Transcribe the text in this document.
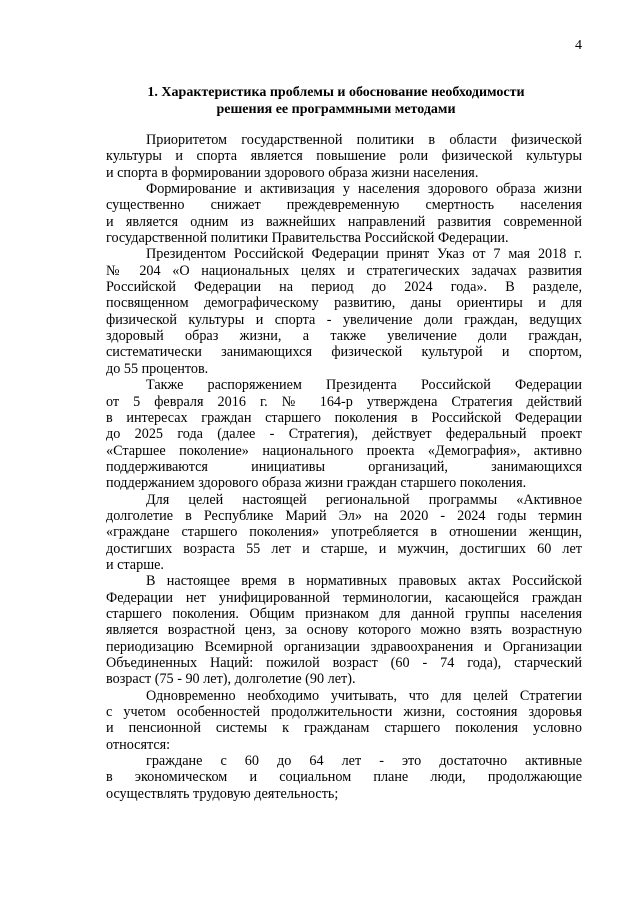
4
1. Характеристика проблемы и обоснование необходимости
решения ее программными методами

Приоритетом государственной политики в области физической
культуры и спорта является повышение роли физической культуры
и спорта в формировании здорового образа жизни населения.

Формирование и активизация у населения здорового образа жизни
существенно снижает преждевременную смертность населения
и является одним из важнейших направлений развития современной
государственной политики Правительства Российской Федерации.

Президентом Российской Федерации принят Указ от 7 мая 2018 г.
№ 204 «О национальных целях и стратегических задачах развития
Российской Федерации на период до 2024 года». В разделе,
посвященном демографическому развитию, даны ориентиры и для
физической культуры и спорта - увеличение доли граждан, ведущих
здоровый образ жизни, а также увеличение доли граждан,
систематически занимающихся физической культурой и спортом,
до 55 процентов.

Также распоряжением Президента Российской Федерации
от 5 февраля 2016 г. № 164-р утверждена Стратегия действий
в интересах граждан старшего поколения в Российской Федерации
до 2025 года (далее - Стратегия), действует федеральный проект
«Старшее поколение» национального проекта «Демография», активно
поддерживаются инициативы организаций, занимающихся
поддержанием здорового образа жизни граждан старшего поколения.

Для целей настоящей региональной программы «Активное
долголетие в Республике Марий Эл» на 2020 - 2024 годы термин
«граждане старшего поколения» употребляется в отношении женщин,
достигших возраста 55 лет и старше, и мужчин, достигших 60 лет
и старше.

В настоящее время в нормативных правовых актах Российской
Федерации нет унифицированной терминологии, касающейся граждан
старшего поколения. Общим признаком для данной группы населения
является возрастной ценз, за основу которого можно взять возрастную
периодизацию Всемирной организации здравоохранения и Организации
Объединенных Наций: пожилой возраст (60 - 74 года), старческий
возраст (75 - 90 лет), долголетие (90 лет).

Одновременно необходимо учитывать, что для целей Стратегии
с учетом особенностей продолжительности жизни, состояния здоровья
и пенсионной системы к гражданам старшего поколения условно
относятся:

граждане с 60 до 64 лет - это достаточно активные
в экономическом и социальном плане люди, продолжающие
осуществлять трудовую деятельность;
